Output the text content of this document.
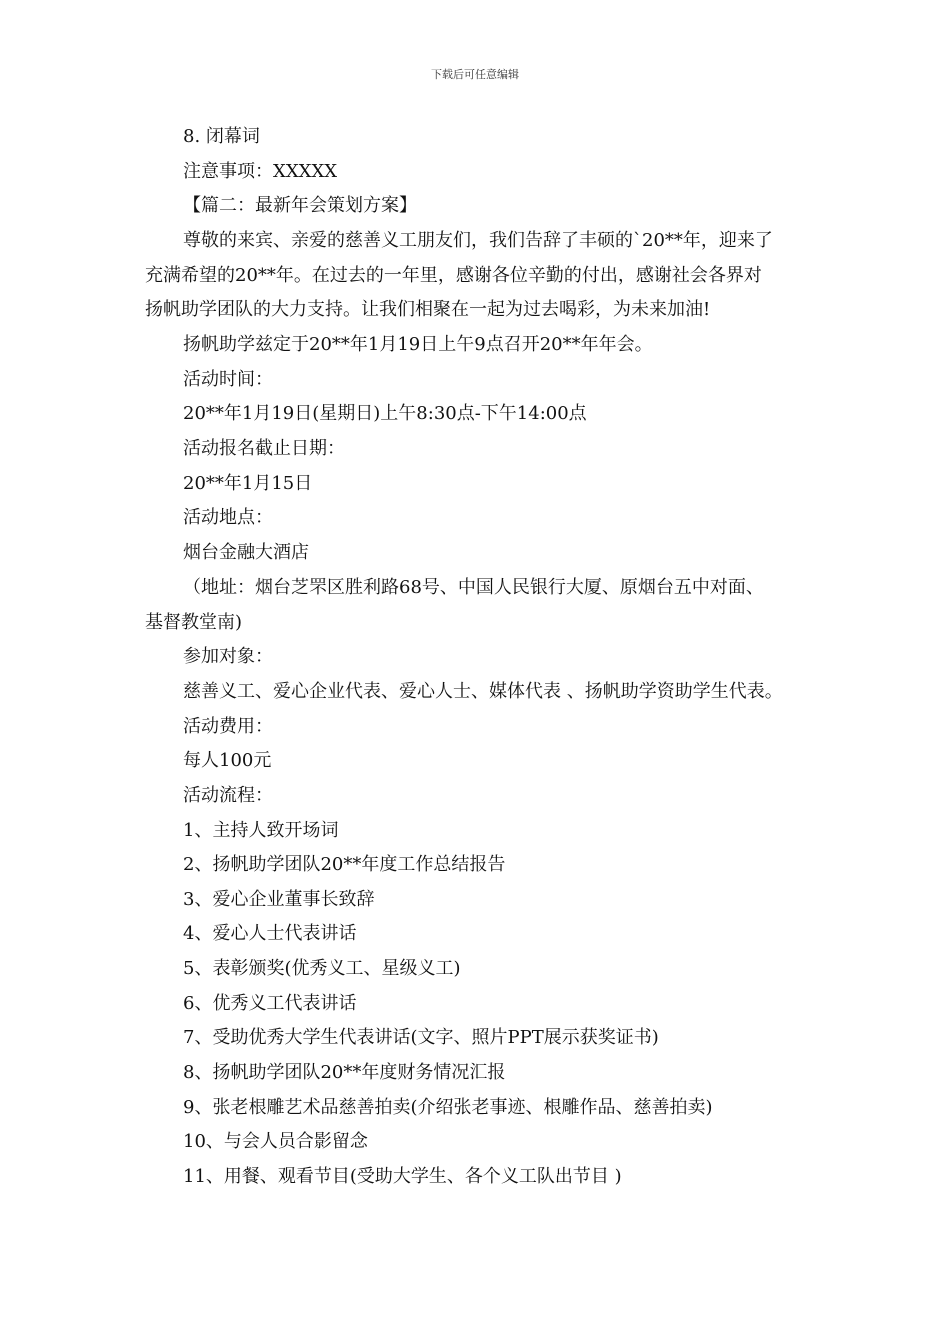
下载后可任意编辑
8. 闭幕词
注意事项：XXXXX
【篇二：最新年会策划方案】
尊敬的来宾、亲爱的慈善义工朋友们，我们告辞了丰硕的`20**年，迎来了
充满希望的20**年。在过去的一年里，感谢各位辛勤的付出，感谢社会各界对
扬帆助学团队的大力支持。让我们相聚在一起为过去喝彩，为未来加油!
扬帆助学兹定于20**年1月19日上午9点召开20**年年会。
活动时间：
20**年1月19日(星期日)上午8:30点-下午14:00点
活动报名截止日期：
20**年1月15日
活动地点：
烟台金融大酒店
（地址：烟台芝罘区胜利路68号、中国人民银行大厦、原烟台五中对面、
基督教堂南)
参加对象：
慈善义工、爱心企业代表、爱心人士、媒体代表 、扬帆助学资助学生代表。
活动费用：
每人100元
活动流程：
1、主持人致开场词
2、扬帆助学团队20**年度工作总结报告
3、爱心企业董事长致辞
4、爱心人士代表讲话
5、表彰颁奖(优秀义工、星级义工)
6、优秀义工代表讲话
7、受助优秀大学生代表讲话(文字、照片PPT展示获奖证书)
8、扬帆助学团队20**年度财务情况汇报
9、张老根雕艺术品慈善拍卖(介绍张老事迹、根雕作品、慈善拍卖)
10、与会人员合影留念
11、用餐、观看节目(受助大学生、各个义工队出节目 )
